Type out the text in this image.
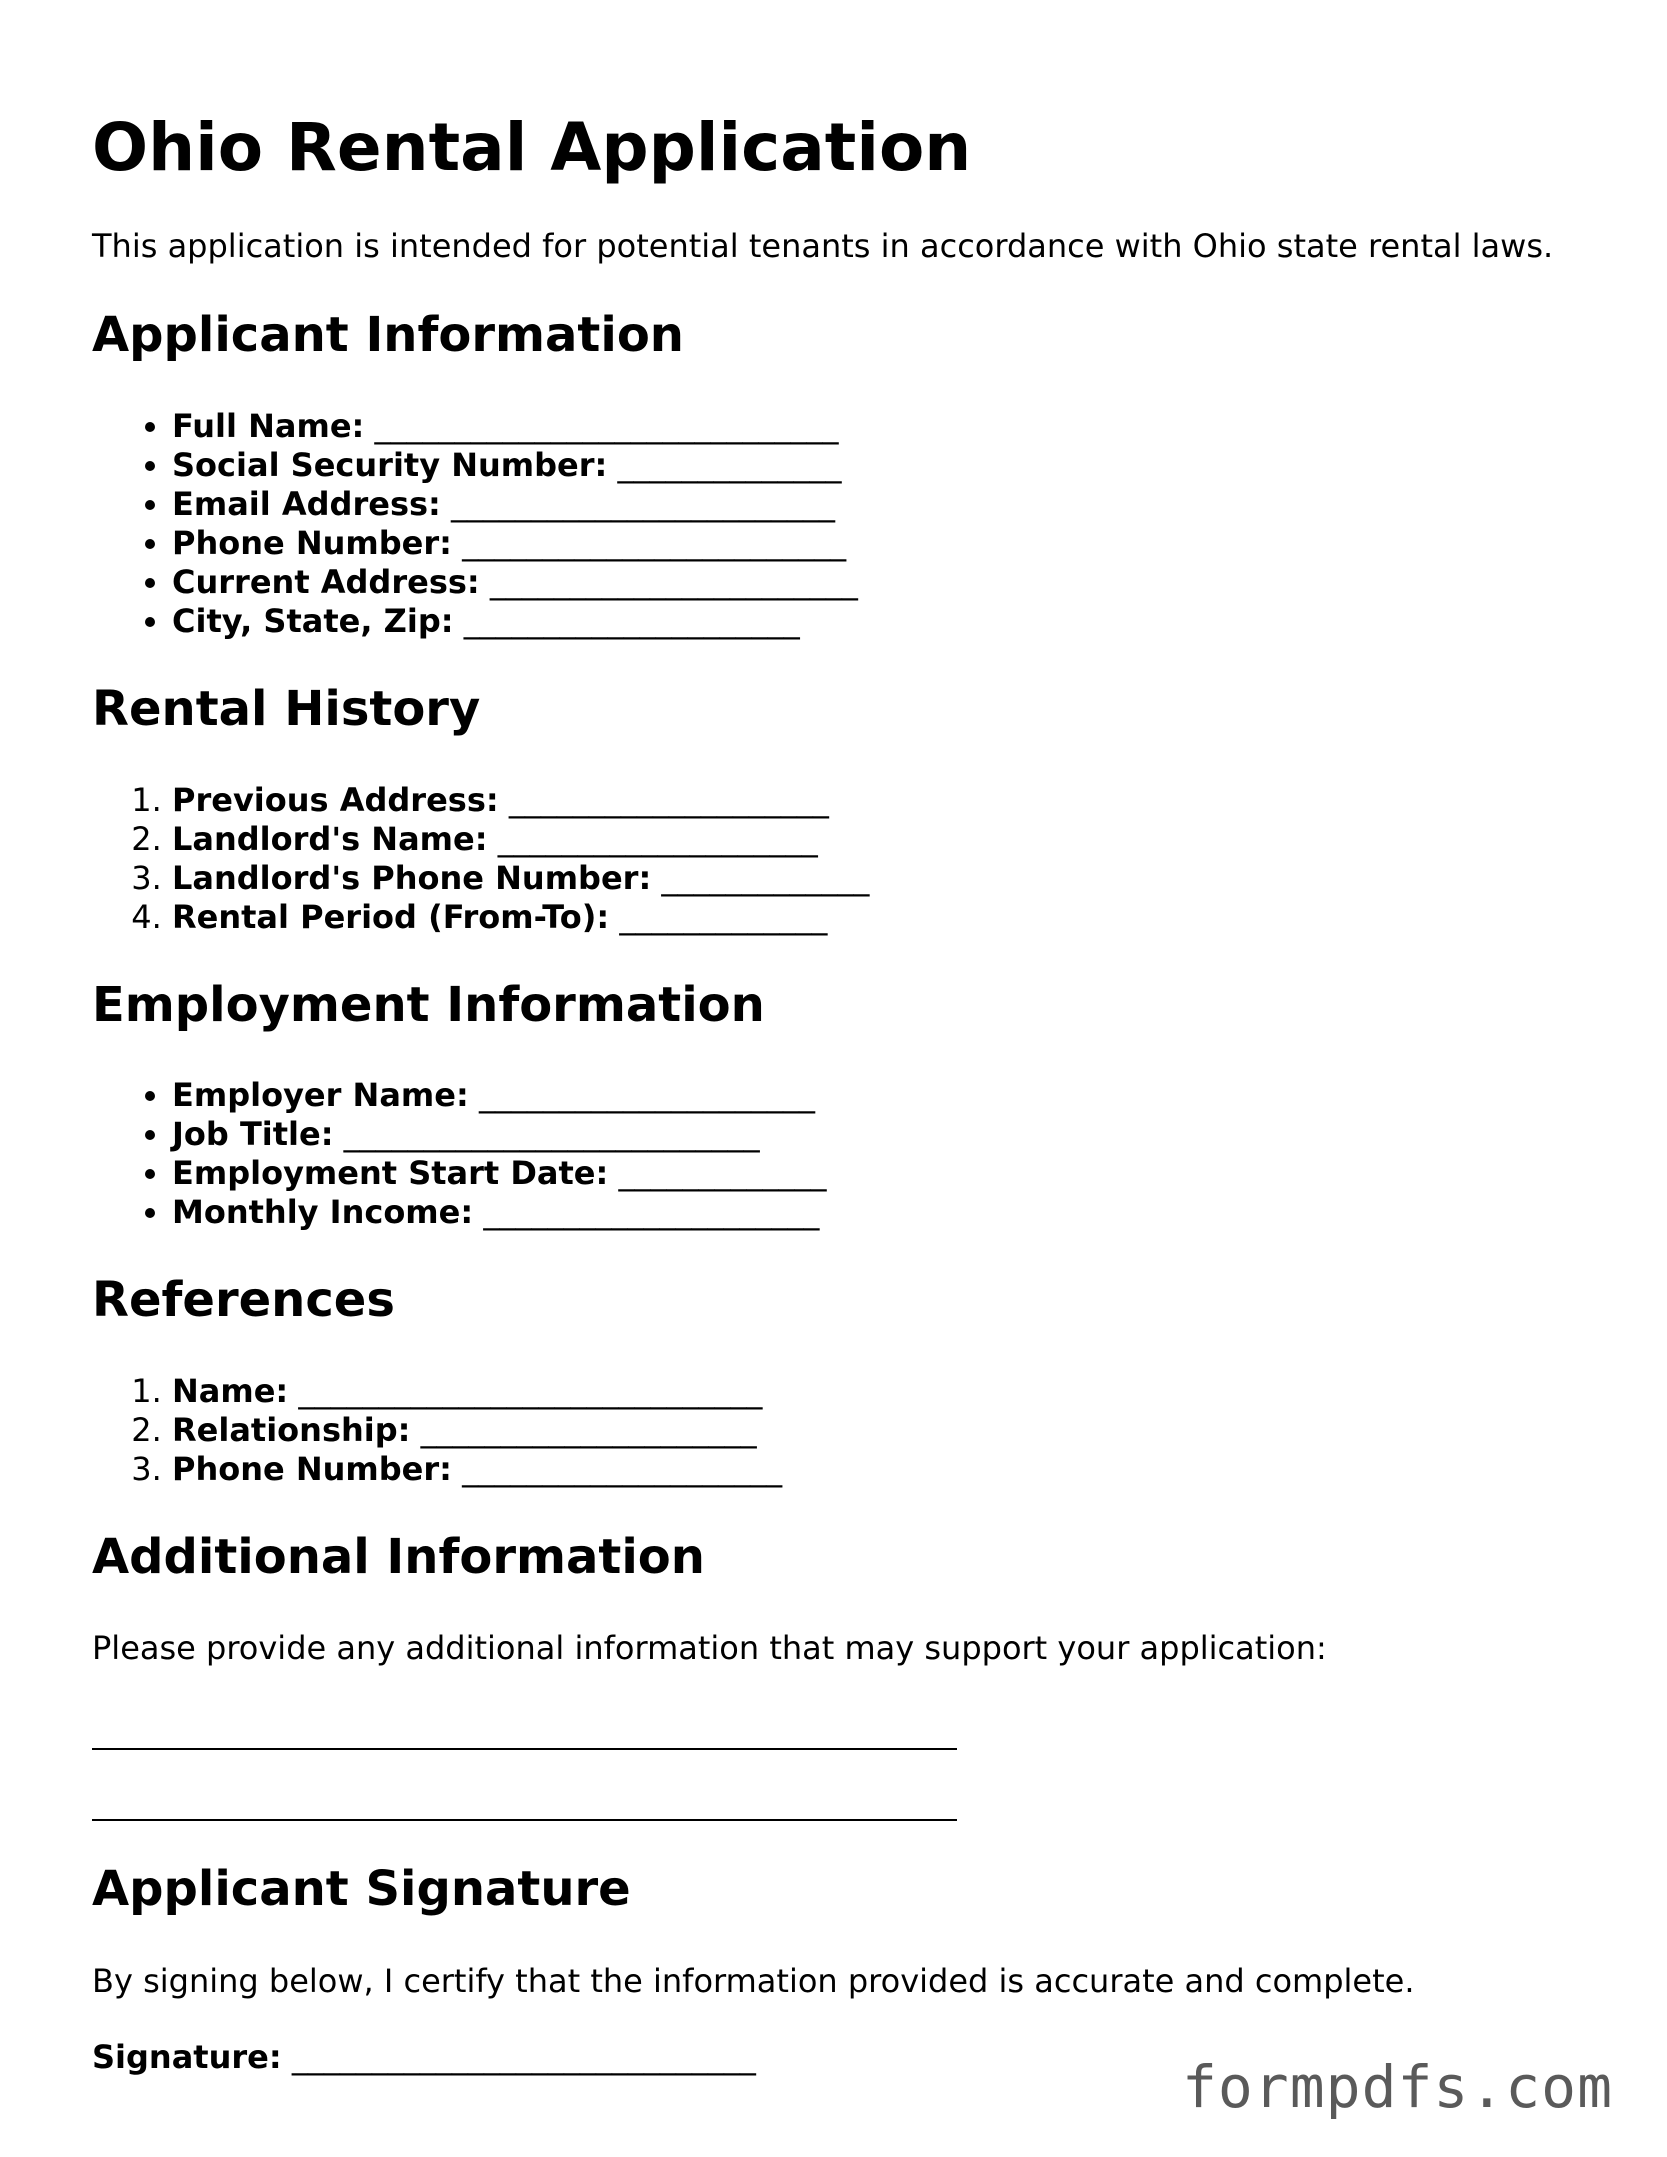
Ohio Rental Application

This application is intended for potential tenants in accordance with Ohio state rental laws.

Applicant Information
• Full Name: _____________________________
• Social Security Number: ______________
• Email Address: ________________________
• Phone Number: ________________________
• Current Address: _______________________
• City, State, Zip: _____________________
Rental History
1. Previous Address: ____________________
2. Landlord's Name: ____________________
3. Landlord's Phone Number: _____________
4. Rental Period (From-To): _____________
Employment Information
• Employer Name: _____________________
• Job Title: __________________________
• Employment Start Date: _____________
• Monthly Income: _____________________
References
1. Name: _____________________________
2. Relationship: _____________________
3. Phone Number: ____________________
Additional Information

Please provide any additional information that may support your application:

Applicant Signature

By signing below, I certify that the information provided is accurate and complete.

Signature: _____________________________	formpdfs.com
